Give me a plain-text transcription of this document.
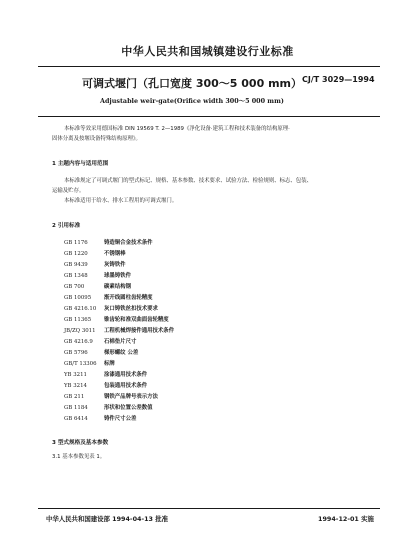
中华人民共和国城镇建设行业标准
可调式堰门（孔口宽度 300～5 000 mm） CJ/T 3029—1994
Adjustable weir-gate(Orifice width 300～5 000 mm)
本标准等效采用德国标准 DIN 19569 T. 2—1989《净化设备·建筑工程和技术装备的结构原理·
固体分离及按堰设备特殊结构原理》。
1 主题内容与适用范围
本标准规定了可调式堰门的型式标记、规格、基本参数、技术要求、试验方法、检验规则、标志、包装、
运输及贮存。
本标准适用于给水、排水工程用的可调式堰门。
2 引用标准
GB 1176	铸造铜合金技术条件
GB 1220	不锈钢棒
GB 9439	灰铸铁件
GB 1348	球墨铸铁件
GB 700	碳素结构钢
GB 10095 渐开线圆柱齿轮精度
GB 4216.10 灰口铸铁丝扣技术要求
GB 11365 锥齿轮和准双曲面齿轮精度
JB/ZQ 3011 工程机械焊接件通用技术条件
GB 4216.9 石棉垫片尺寸
GB 5796	梯形螺纹 公差
GB/T 13306 标牌
YB 3211	涂漆通用技术条件
YB 3214	包装通用技术条件
GB 211	钢铁产品牌号表示方法
GB 1184	形状和位置公差数值
GB 6414	铸件尺寸公差
3 型式规格及基本参数
3.1 基本参数见表 1。
中华人民共和国建设部 1994-04-13 批准	1994-12-01 实施
